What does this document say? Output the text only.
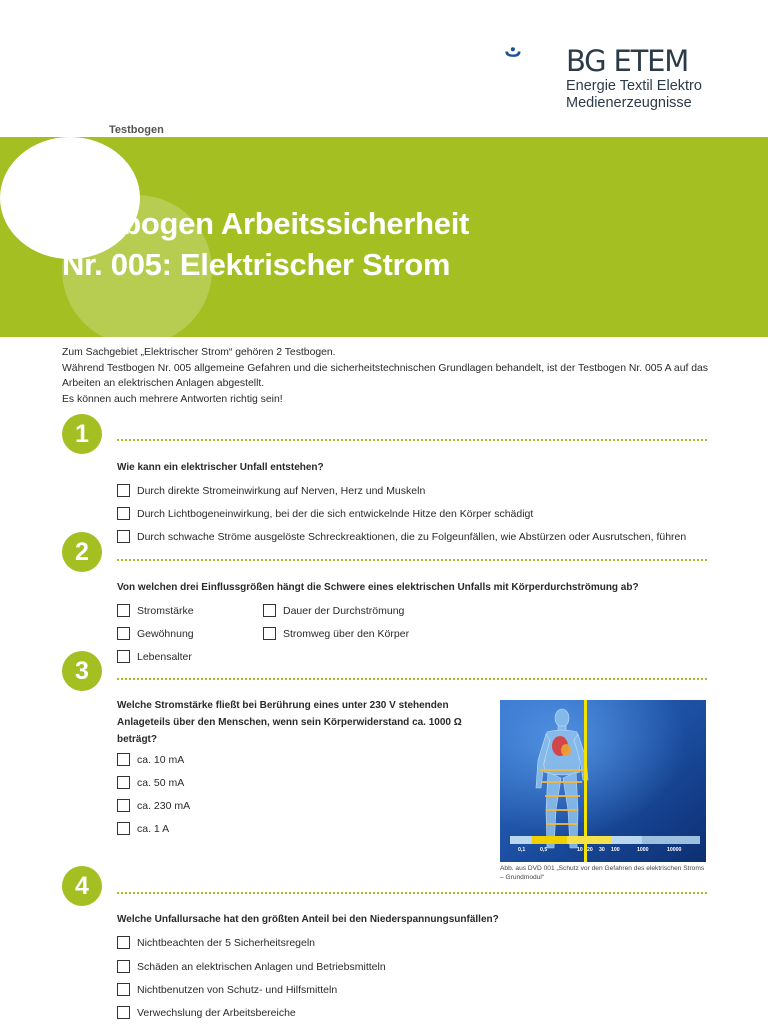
BG ETEM
Energie Textil Elektro
Medienerzeugnisse
Testbogen Arbeitssicherheit
Nr. 005: Elektrischer Strom
Testbogen
Zum Sachgebiet „Elektrischer Strom“ gehören 2 Testbogen.
Während Testbogen Nr. 005 allgemeine Gefahren und die sicherheitstechnischen Grundlagen behandelt, ist der Testbogen Nr. 005 A auf das Arbeiten an elektrischen Anlagen abgestellt.
Es können auch mehrere Antworten richtig sein!
1
Wie kann ein elektrischer Unfall entstehen?
Durch direkte Stromeinwirkung auf Nerven, Herz und Muskeln
Durch Lichtbogeneinwirkung, bei der die sich entwickelnde Hitze den Körper schädigt
Durch schwache Ströme ausgelöste Schreckreaktionen, die zu Folgeunfällen, wie Abstürzen oder Ausrutschen, führen
2
Von welchen drei Einflussgrößen hängt die Schwere eines elektrischen Unfalls mit Körperdurchströmung ab?
Stromstärke
Gewöhnung
Lebensalter
Dauer der Durchströmung
Stromweg über den Körper
3
Welche Stromstärke fließt bei Berührung eines unter 230 V stehenden Anlageteils über den Menschen, wenn sein Körperwiderstand ca. 1000 Ω beträgt?
ca. 10 mA
ca. 50 mA
ca. 230 mA
ca. 1 A
0,1	0,5	10 20 30 100	1000	10000
Abb. aus DVD 001 „Schutz vor den Gefahren des elektrischen Stroms – Grundmodul“
4
Welche Unfallursache hat den größten Anteil bei den Niederspannungsunfällen?
Nichtbeachten der 5 Sicherheitsregeln
Schäden an elektrischen Anlagen und Betriebsmitteln
Nichtbenutzen von Schutz- und Hilfsmitteln
Verwechslung der Arbeitsbereiche
